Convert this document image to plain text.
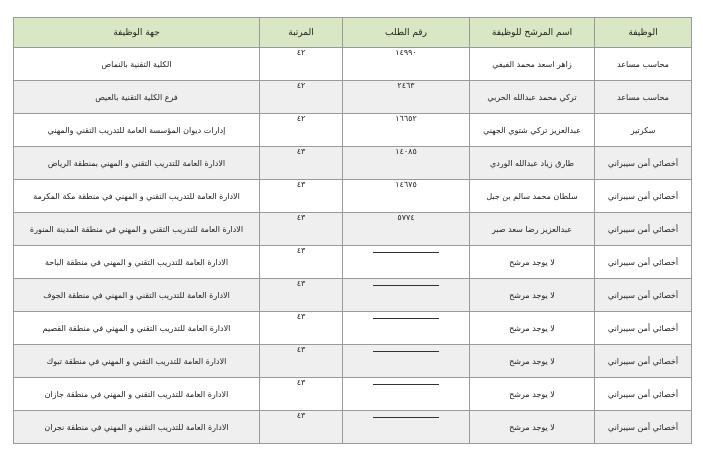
الوظيفة	اسم المرشح للوظيفة	رقم الطلب	المرتبة	جهة الوظيفة
محاسب مساعد	زاهر اسعد محمد الفيفي	١٤٩٩٠	٤٢	الكلية التقنية بالنماص
محاسب مساعد	تركي محمد عبدالله الحربي	٢٤٦٣	٤٢	فرع الكلية التقنية بالعيص
سكرتير	عبدالعزيز تركي شتوي الجهني	١٦٦٥٢	٤٢	إدارات ديوان المؤسسة العامة للتدريب التقني والمهني
أخصائي أمن سيبراني	طارق زياد عبدالله الوردي	١٤٠٨٥	٤٣	الادارة العامة للتدريب التقني و المهني بمنطقة الرياض
أخصائي أمن سيبراني	سلطان محمد سالم بن جبل	١٤٦٧٥	٤٣	الادارة العامة للتدريب التقني و المهني في منطقة مكة المكرمة
أخصائي أمن سيبراني	عبدالعزيز رضا سعد صبر	٥٧٧٤	٤٣	الادارة العامة للتدريب التقني و المهني في منطقة المدينة المنورة
أخصائي أمن سيبراني	لا يوجد مرشح		٤٣	الادارة العامة للتدريب التقني و المهني في منطقة الباحة
أخصائي أمن سيبراني	لا يوجد مرشح		٤٣	الادارة العامة للتدريب التقني و المهني في منطقة الجوف
أخصائي أمن سيبراني	لا يوجد مرشح		٤٣	الادارة العامة للتدريب التقني و المهني في منطقة القصيم
أخصائي أمن سيبراني	لا يوجد مرشح		٤٣	الادارة العامة للتدريب التقني و المهني في منطقة تبوك
أخصائي أمن سيبراني	لا يوجد مرشح		٤٣	الادارة العامة للتدريب التقني و المهني في منطقة جازان
أخصائي أمن سيبراني	لا يوجد مرشح		٤٣	الادارة العامة للتدريب التقني و المهني في منطقة نجران
